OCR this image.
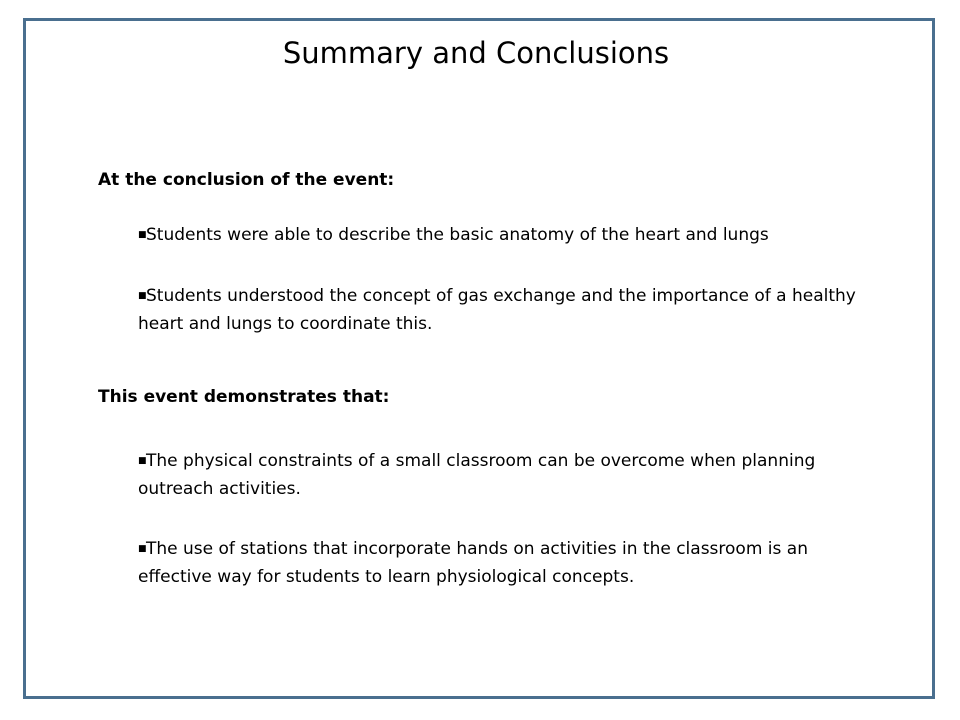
Summary and Conclusions

At the conclusion of the event:

■Students were able to describe the basic anatomy of the heart and lungs

■Students understood the concept of gas exchange and the importance of a healthy heart and lungs to coordinate this.

This event demonstrates that:

■The physical constraints of a small classroom can be overcome when planning outreach activities.

■The use of stations that incorporate hands on activities in the classroom is an effective way for students to learn physiological concepts.
